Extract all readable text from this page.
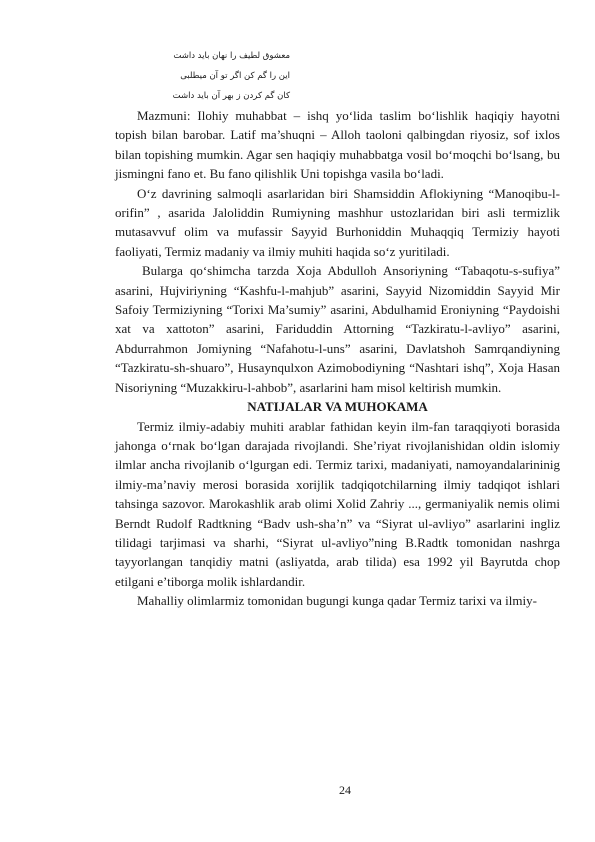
معشوق لطیف را نهان باید داشت
این را گم کن اگر تو آن میطلبی
کان گم کردن ز بهر آن باید داشت

Mazmuni: Ilohiy muhabbat – ishq yo‘lida taslim bo‘lishlik haqiqiy hayotni topish bilan barobar. Latif ma’shuqni – Alloh taoloni qalbingdan riyosiz, sof ixlos bilan topishing mumkin. Agar sen haqiqiy muhabbatga vosil bo‘moqchi bo‘lsang, bu jismingni fano et. Bu fano qilishlik Uni topishga vasila bo‘ladi.

O‘z davrining salmoqli asarlaridan biri Shamsiddin Aflokiyning “Manoqibu-l-orifin” , asarida Jaloliddin Rumiyning mashhur ustozlaridan biri asli termizlik mutasavvuf olim va mufassir Sayyid Burhoniddin Muhaqqiq Termiziy hayoti faoliyati, Termiz madaniy va ilmiy muhiti haqida so‘z yuritiladi.

Bularga qo‘shimcha tarzda Xoja Abdulloh Ansoriyning “Tabaqotu-s-sufiya” asarini, Hujviriyning “Kashfu-l-mahjub” asarini, Sayyid Nizomiddin Sayyid Mir Safoiy Termiziyning “Torixi Ma’sumiy” asarini, Abdulhamid Eroniyning “Paydoishi xat va xattoton” asarini, Fariduddin Attorning “Tazkiratu-l-avliyo” asarini, Abdurrahmon Jomiyning “Nafahotu-l-uns” asarini, Davlatshoh Samrqandiyning “Tazkiratu-sh-shuaro”, Husaynqulxon Azimobodiyning “Nashtari ishq”, Xoja Hasan Nisoriyning “Muzakkiru-l-ahbob”, asarlarini ham misol keltirish mumkin.

NATIJALAR VA MUHOKAMA

Termiz ilmiy-adabiy muhiti arablar fathidan keyin ilm-fan taraqqiyoti borasida jahonga o‘rnak bo‘lgan darajada rivojlandi. She’riyat rivojlanishidan oldin islomiy ilmlar ancha rivojlanib o‘lgurgan edi. Termiz tarixi, madaniyati, namoyandalarininig ilmiy-ma’naviy merosi borasida xorijlik tadqiqotchilarning ilmiy tadqiqot ishlari tahsinga sazovor. Marokashlik arab olimi Xolid Zahriy ..., germaniyalik nemis olimi Berndt Rudolf Radtkning “Badv ush-sha’n” va “Siyrat ul-avliyo” asarlarini ingliz tilidagi tarjimasi va sharhi, “Siyrat ul-avliyo”ning B.Radtk tomonidan nashrga tayyorlangan tanqidiy matni (asliyatda, arab tilida) esa 1992 yil Bayrutda chop etilgani e’tiborga molik ishlardandir.

Mahalliy olimlarmiz tomonidan bugungi kunga qadar Termiz tarixi va ilmiy-

24
